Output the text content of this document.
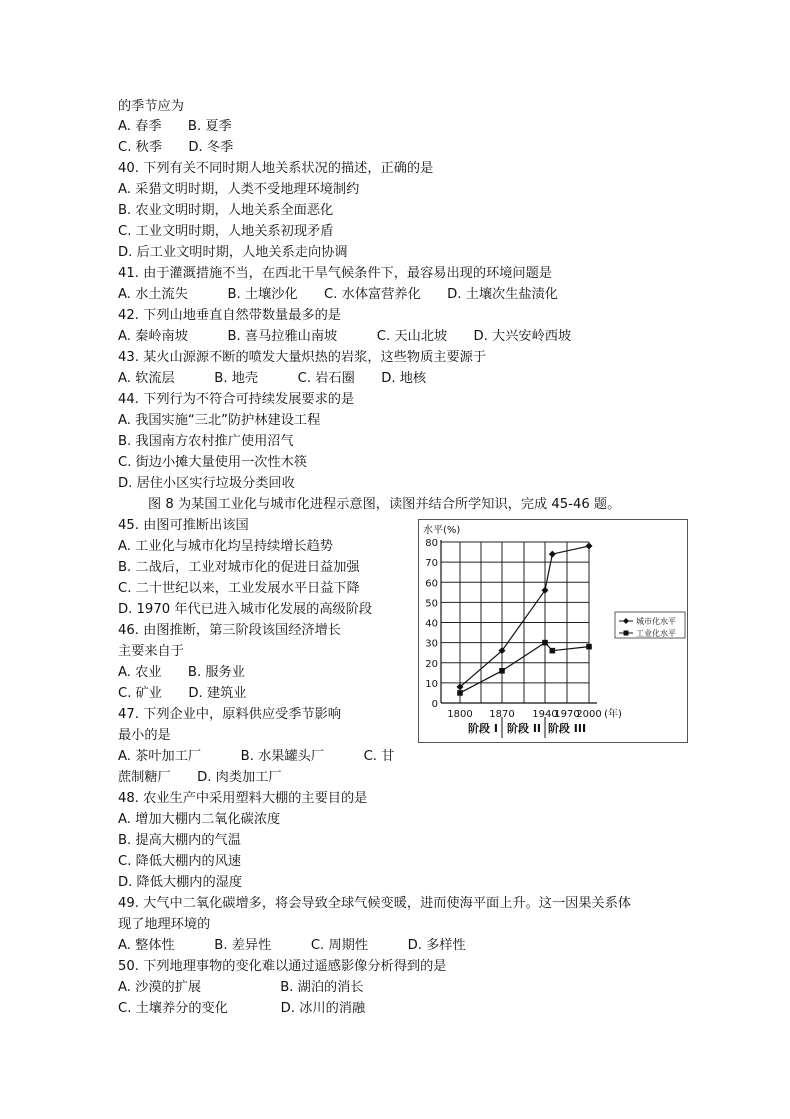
的季节应为
A. 春季　　B. 夏季
C. 秋季　　D. 冬季
40. 下列有关不同时期人地关系状况的描述，正确的是
A. 采猎文明时期，人类不受地理环境制约
B. 农业文明时期，人地关系全面恶化
C. 工业文明时期，人地关系初现矛盾
D. 后工业文明时期，人地关系走向协调
41. 由于灌溉措施不当，在西北干旱气候条件下，最容易出现的环境问题是
A. 水土流失　　　B. 土壤沙化　　C. 水体富营养化　　D. 土壤次生盐渍化
42. 下列山地垂直自然带数量最多的是
A. 秦岭南坡　　　B. 喜马拉雅山南坡　　　C. 天山北坡　　D. 大兴安岭西坡
43. 某火山源源不断的喷发大量炽热的岩浆，这些物质主要源于
A. 软流层　　　B. 地壳　　　C. 岩石圈　　D. 地核
44. 下列行为不符合可持续发展要求的是
A. 我国实施“三北”防护林建设工程
B. 我国南方农村推广使用沼气
C. 街边小摊大量使用一次性木筷
D. 居住小区实行垃圾分类回收
图 8 为某国工业化与城市化进程示意图，读图并结合所学知识，完成 45-46 题。
45. 由图可推断出该国
A. 工业化与城市化均呈持续增长趋势
B. 二战后，工业对城市化的促进日益加强
C. 二十世纪以来，工业发展水平日益下降
D. 1970 年代已进入城市化发展的高级阶段
46. 由图推断，第三阶段该国经济增长
主要来自于
A. 农业　　B. 服务业
C. 矿业　　D. 建筑业
47. 下列企业中，原料供应受季节影响
最小的是
A. 茶叶加工厂　　　B. 水果罐头厂　　　C. 甘
蔗制糖厂　　D. 肉类加工厂
48. 农业生产中采用塑料大棚的主要目的是
A. 增加大棚内二氧化碳浓度
B. 提高大棚内的气温
C. 降低大棚内的风速
D. 降低大棚内的湿度
49. 大气中二氧化碳增多，将会导致全球气候变暖，进而使海平面上升。这一因果关系体
现了地理环境的
A. 整体性　　　B. 差异性　　　C. 周期性　　　D. 多样性
50. 下列地理事物的变化难以通过遥感影像分析得到的是
A. 沙漠的扩展　　　　　　B. 湖泊的消长
C. 土壤养分的变化　　　　D. 冰川的消融
0
10
20
30
40
50
60
70
80
水平(%)
1800 1870 1940
1970
2000 (年)
城市化水平
工业化水平
阶段 I 阶段 II 阶段 III
